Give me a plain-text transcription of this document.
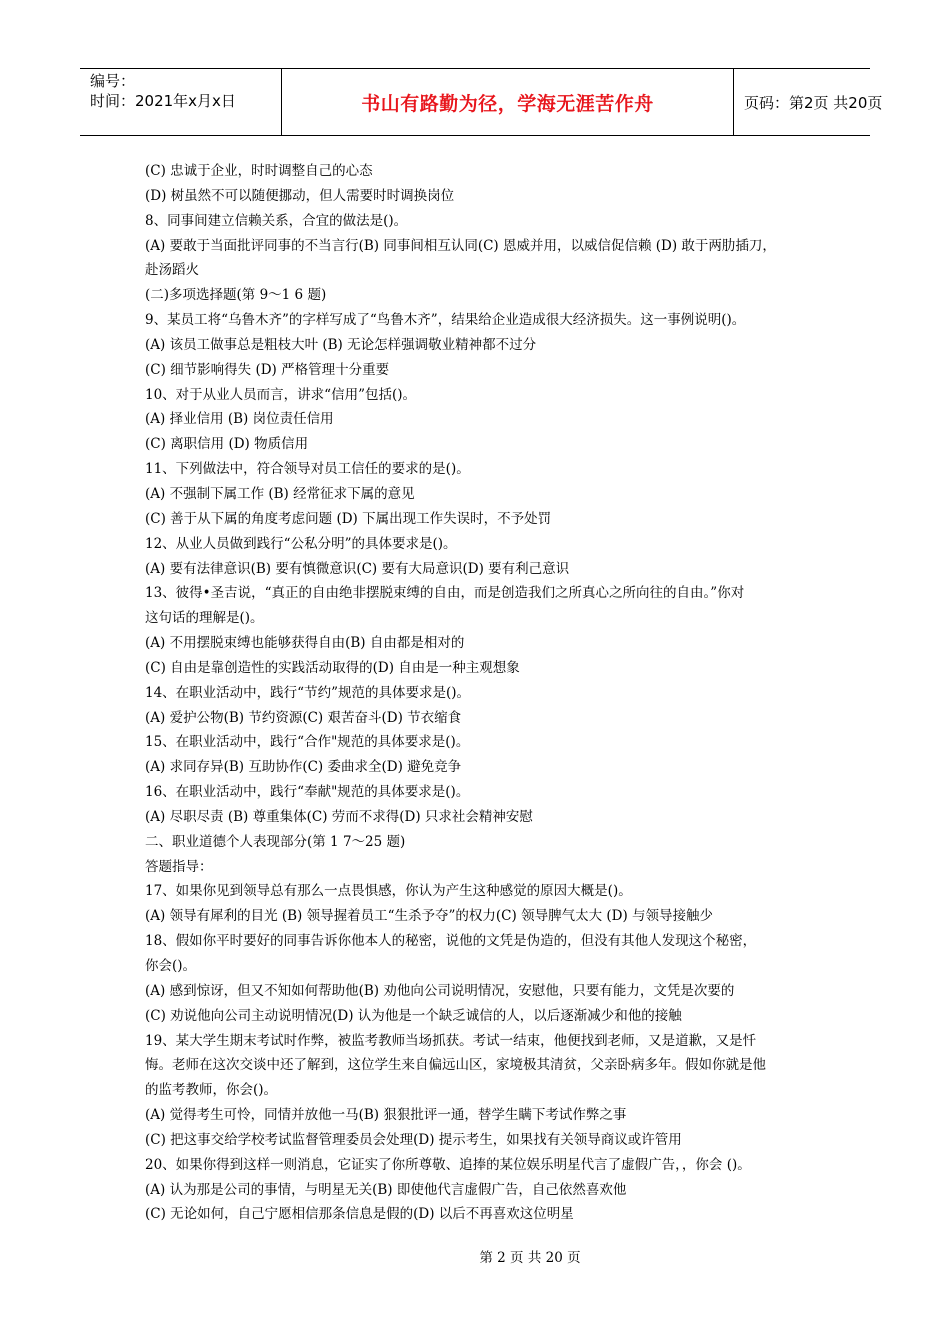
编号：
时间：2021年x月x日	书山有路勤为径，学海无涯苦作舟	页码：第2页 共20页
(C) 忠诚于企业，时时调整自己的心态
(D) 树虽然不可以随便挪动，但人需要时时调换岗位
8、同事间建立信赖关系，合宜的做法是()。
(A) 要敢于当面批评同事的不当言行(B) 同事间相互认同(C) 恩威并用，以威信促信赖 (D) 敢于两肋插刀，
赴汤蹈火
(二)多项选择题(第 9～1 6 题)
9、某员工将“乌鲁木齐”的字样写成了“鸟鲁木齐”，结果给企业造成很大经济损失。这一事例说明()。
(A) 该员工做事总是粗枝大叶 (B) 无论怎样强调敬业精神都不过分
(C) 细节影响得失 (D) 严格管理十分重要
10、对于从业人员而言，讲求“信用”包括()。
(A) 择业信用 (B) 岗位责任信用
(C) 离职信用 (D) 物质信用
11、下列做法中，符合领导对员工信任的要求的是()。
(A) 不强制下属工作 (B) 经常征求下属的意见
(C) 善于从下属的角度考虑问题 (D) 下属出现工作失误时，不予处罚
12、从业人员做到践行“公私分明”的具体要求是()。
(A) 要有法律意识(B) 要有慎微意识(C) 要有大局意识(D) 要有利己意识
13、彼得•圣吉说，“真正的自由绝非摆脱束缚的自由，而是创造我们之所真心之所向往的自由。”你对
这句话的理解是()。
(A) 不用摆脱束缚也能够获得自由(B) 自由都是相对的
(C) 自由是靠创造性的实践活动取得的(D) 自由是一种主观想象
14、在职业活动中，践行“节约”规范的具体要求是()。
(A) 爱护公物(B) 节约资源(C) 艰苦奋斗(D) 节衣缩食
15、在职业活动中，践行“合作"规范的具体要求是()。
(A) 求同存异(B) 互助协作(C) 委曲求全(D) 避免竞争
16、在职业活动中，践行“奉献"规范的具体要求是()。
(A) 尽职尽责 (B) 尊重集体(C) 劳而不求得(D) 只求社会精神安慰
二、职业道德个人表现部分(第 1 7～25 题)
答题指导：
17、如果你见到领导总有那么一点畏惧感，你认为产生这种感觉的原因大概是()。
(A) 领导有犀利的目光 (B) 领导握着员工“生杀予夺”的权力(C) 领导脾气太大 (D) 与领导接触少
18、假如你平时要好的同事告诉你他本人的秘密，说他的文凭是伪造的，但没有其他人发现这个秘密，
你会()。
(A) 感到惊讶，但又不知如何帮助他(B) 劝他向公司说明情况，安慰他，只要有能力，文凭是次要的
(C) 劝说他向公司主动说明情况(D) 认为他是一个缺乏诚信的人，以后逐渐减少和他的接触
19、某大学生期末考试时作弊，被监考教师当场抓获。考试一结束，他便找到老师，又是道歉，又是忏
悔。老师在这次交谈中还了解到，这位学生来自偏远山区，家境极其清贫，父亲卧病多年。假如你就是他
的监考教师，你会()。
(A) 觉得考生可怜，同情并放他一马(B) 狠狠批评一通，替学生瞒下考试作弊之事
(C) 把这事交给学校考试监督管理委员会处理(D) 提示考生，如果找有关领导商议或许管用
20、如果你得到这样一则消息，它证实了你所尊敬、追捧的某位娱乐明星代言了虚假广告，，你会 ()。
(A) 认为那是公司的事情，与明星无关(B) 即使他代言虚假广告，自己依然喜欢他
(C) 无论如何，自己宁愿相信那条信息是假的(D) 以后不再喜欢这位明星
第 2 页 共 20 页
